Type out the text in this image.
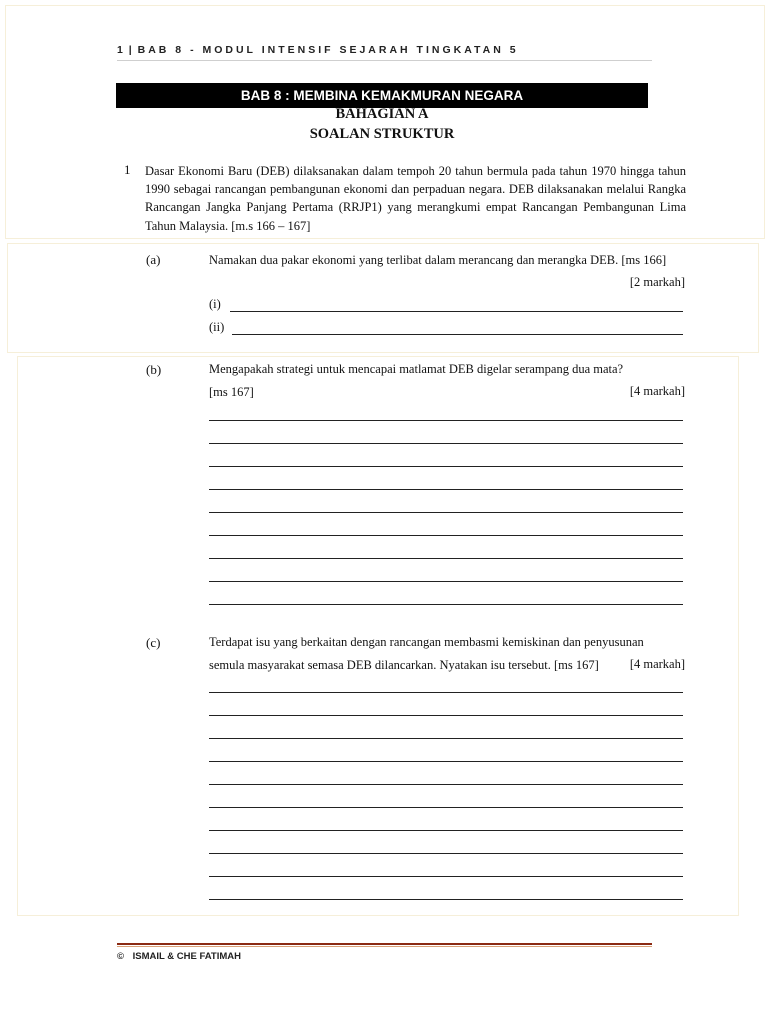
1 | BAB 8 - MODUL INTENSIF SEJARAH TINGKATAN 5
BAB 8 : MEMBINA KEMAKMURAN NEGARA
BAHAGIAN A
SOALAN STRUKTUR
1 Dasar Ekonomi Baru (DEB) dilaksanakan dalam tempoh 20 tahun bermula pada tahun 1970 hingga tahun 1990 sebagai rancangan pembangunan ekonomi dan perpaduan negara. DEB dilaksanakan melalui Rangka Rancangan Jangka Panjang Pertama (RRJP1) yang merangkumi empat Rancangan Pembangunan Lima Tahun Malaysia. [m.s 166 – 167]
(a)	Namakan dua pakar ekonomi yang terlibat dalam merancang dan merangka DEB. [ms 166]
[2 markah]
(i)
(ii)
(b)	Mengapakah strategi untuk mencapai matlamat DEB digelar serampang dua mata?
[ms 167]	[4 markah]
(c)	Terdapat isu yang berkaitan dengan rancangan membasmi kemiskinan dan penyusunan
semula masyarakat semasa DEB dilancarkan. Nyatakan isu tersebut. [ms 167]	[4 markah]
© ISMAIL & CHE FATIMAH
